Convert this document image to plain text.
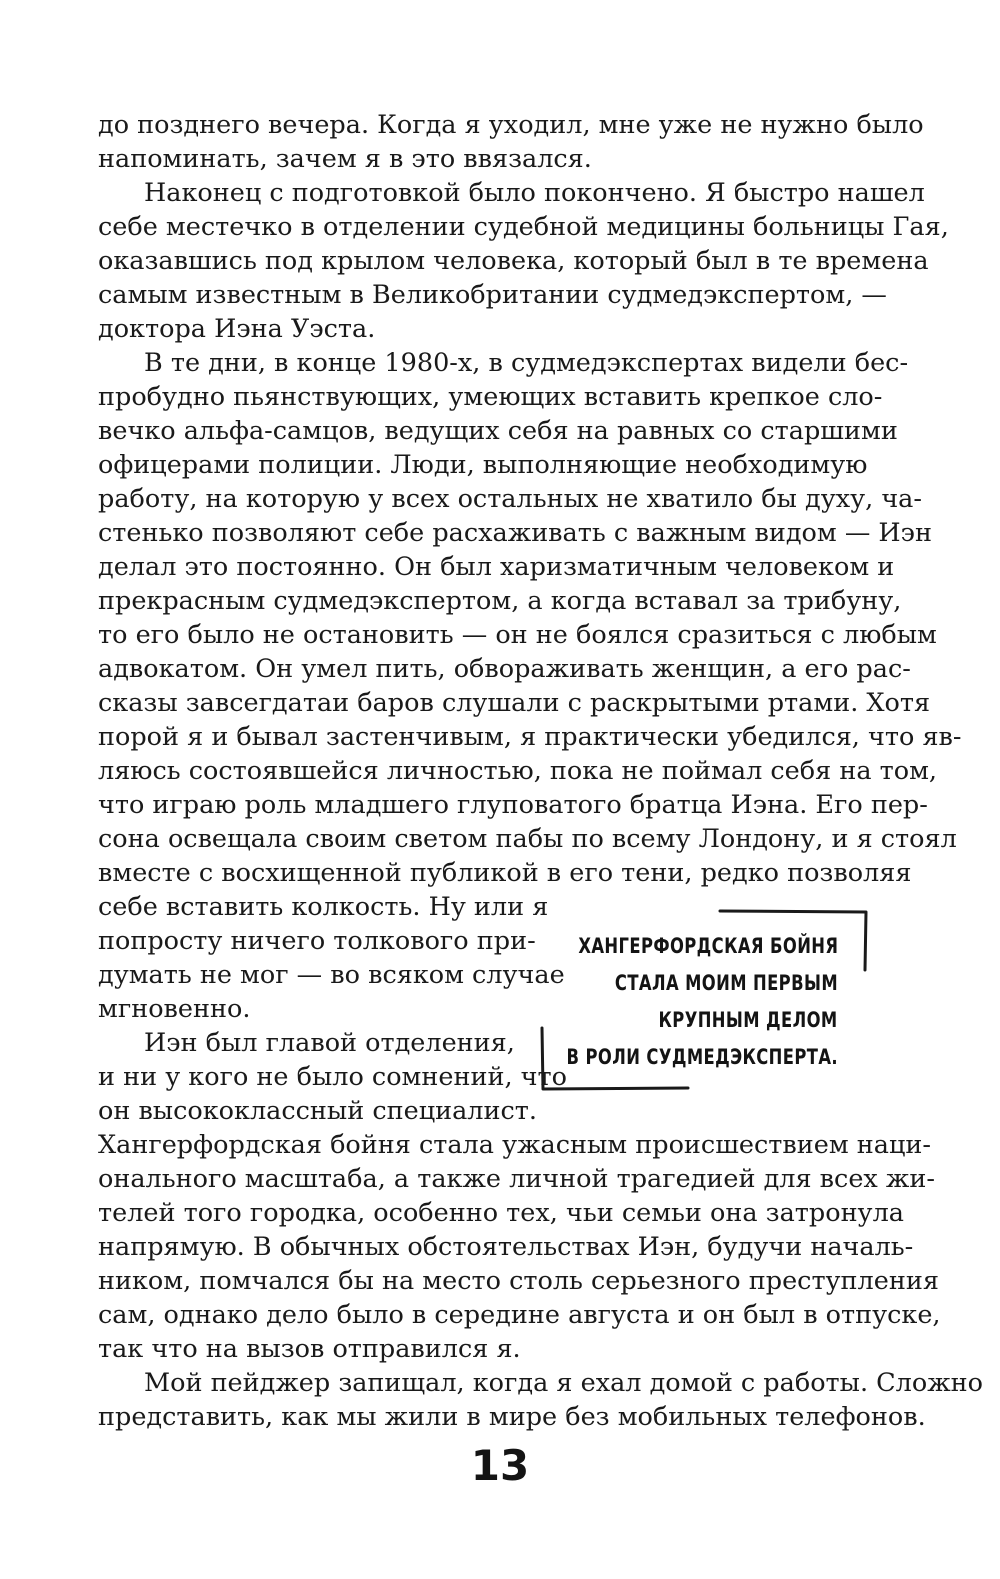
до позднего вечера. Когда я уходил, мне уже не нужно было

напоминать, зачем я в это ввязался.

Наконец с подготовкой было покончено. Я быстро нашел

себе местечко в отделении судебной медицины больницы Гая,

оказавшись под крылом человека, который был в те времена

самым известным в Великобритании судмедэкспертом, —

доктора Иэна Уэста.

В те дни, в конце 1980-х, в судмедэкспертах видели бес-

пробудно пьянствующих, умеющих вставить крепкое сло-

вечко альфа-самцов, ведущих себя на равных со старшими

офицерами полиции. Люди, выполняющие необходимую

работу, на которую у всех остальных не хватило бы духу, ча-

стенько позволяют себе расхаживать с важным видом — Иэн

делал это постоянно. Он был харизматичным человеком и

прекрасным судмедэкспертом, а когда вставал за трибуну,

то его было не остановить — он не боялся сразиться с любым

адвокатом. Он умел пить, обвораживать женщин, а его рас-

сказы завсегдатаи баров слушали с раскрытыми ртами. Хотя

порой я и бывал застенчивым, я практически убедился, что яв-

ляюсь состоявшейся личностью, пока не поймал себя на том,

что играю роль младшего глуповатого братца Иэна. Его пер-

сона освещала своим светом пабы по всему Лондону, и я стоял

вместе с восхищенной публикой в его тени, редко позволяя

себе вставить колкость. Ну или я

попросту ничего толкового при-

думать не мог — во всяком случае

мгновенно.

Иэн был главой отделения,

и ни у кого не было сомнений, что

он высококлассный специалист.

Хангерфордская бойня стала ужасным происшествием наци-

онального масштаба, а также личной трагедией для всех жи-

телей того городка, особенно тех, чьи семьи она затронула

напрямую. В обычных обстоятельствах Иэн, будучи началь-

ником, помчался бы на место столь серьезного преступления

сам, однако дело было в середине августа и он был в отпуске,

так что на вызов отправился я.

Мой пейджер запищал, когда я ехал домой с работы. Сложно

представить, как мы жили в мире без мобильных телефонов.

ХАНГЕРФОРДСКАЯ БОЙНЯ
СТАЛА МОИМ ПЕРВЫМ
КРУПНЫМ ДЕЛОМ
В РОЛИ СУДМЕДЭКСПЕРТА.
13
